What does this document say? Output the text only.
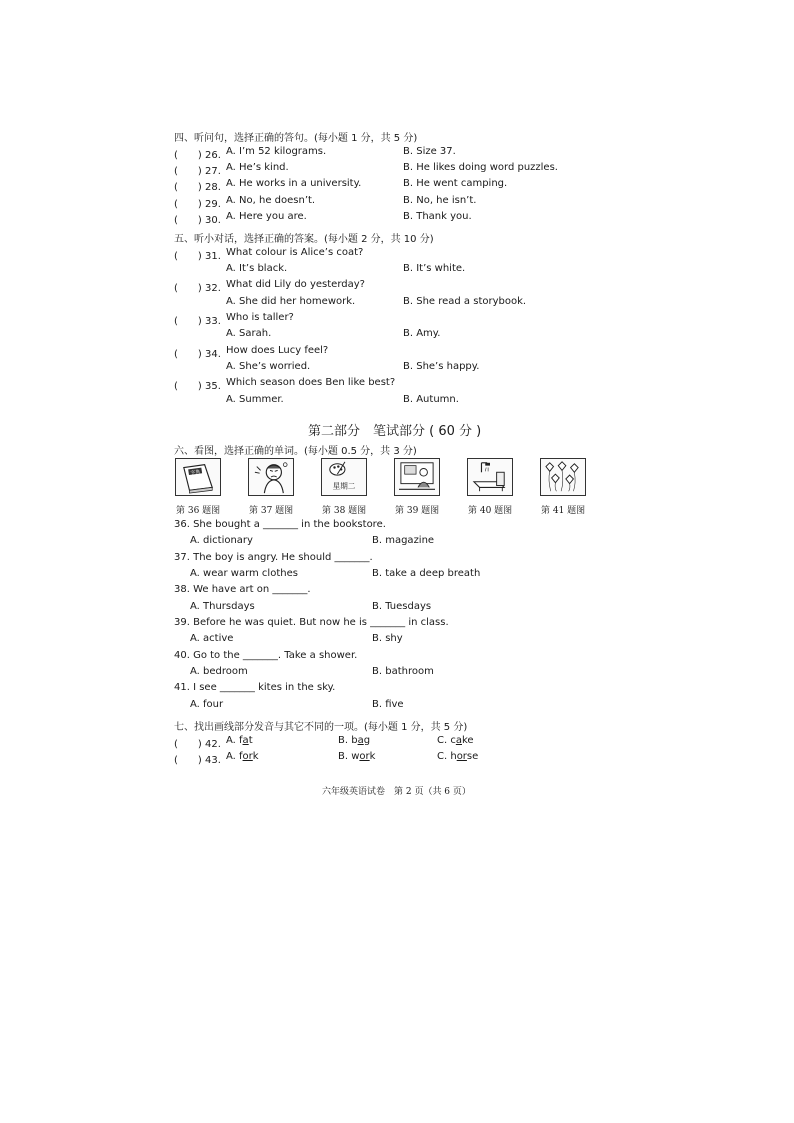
四、听问句，选择正确的答句。(每小题 1 分，共 5 分)
(　　) 26. A. I’m 52 kilograms.	B. Size 37.
(　　) 27. A. He’s kind.	B. He likes doing word puzzles.
(　　) 28. A. He works in a university.	B. He went camping.
(　　) 29. A. No, he doesn’t.	B. No, he isn’t.
(　　) 30. A. Here you are.	B. Thank you.
五、听小对话，选择正确的答案。(每小题 2 分，共 10 分)
(　　) 31. What colour is Alice’s coat?
A. It’s black.	B. It’s white.
(　　) 32. What did Lily do yesterday?
A. She did her homework.	B. She read a storybook.
(　　) 33. Who is taller?
A. Sarah.	B. Amy.
(　　) 34. How does Lucy feel?
A. She’s worried.	B. She’s happy.
(　　) 35. Which season does Ben like best?
A. Summer.	B. Autumn.
第二部分　笔试部分 ( 60 分 )
六、看图，选择正确的单词。(每小题 0.5 分，共 3 分)
字典
星期二
第 36 题图	第 37 题图	第 38 题图	第 39 题图	第 40 题图	第 41 题图
36. She bought a _______ in the bookstore.
A. dictionary	B. magazine
37. The boy is angry. He should _______.
A. wear warm clothes	B. take a deep breath
38. We have art on _______.
A. Thursdays	B. Tuesdays
39. Before he was quiet. But now he is _______ in class.
A. active	B. shy
40. Go to the _______. Take a shower.
A. bedroom	B. bathroom
41. I see _______ kites in the sky.
A. four	B. five
七、找出画线部分发音与其它不同的一项。(每小题 1 分，共 5 分)
(　　) 42. A. fat	B. bag	C. cake
(　　) 43. A. fork	B. work	C. horse
六年级英语试卷　第 2 页（共 6 页）
